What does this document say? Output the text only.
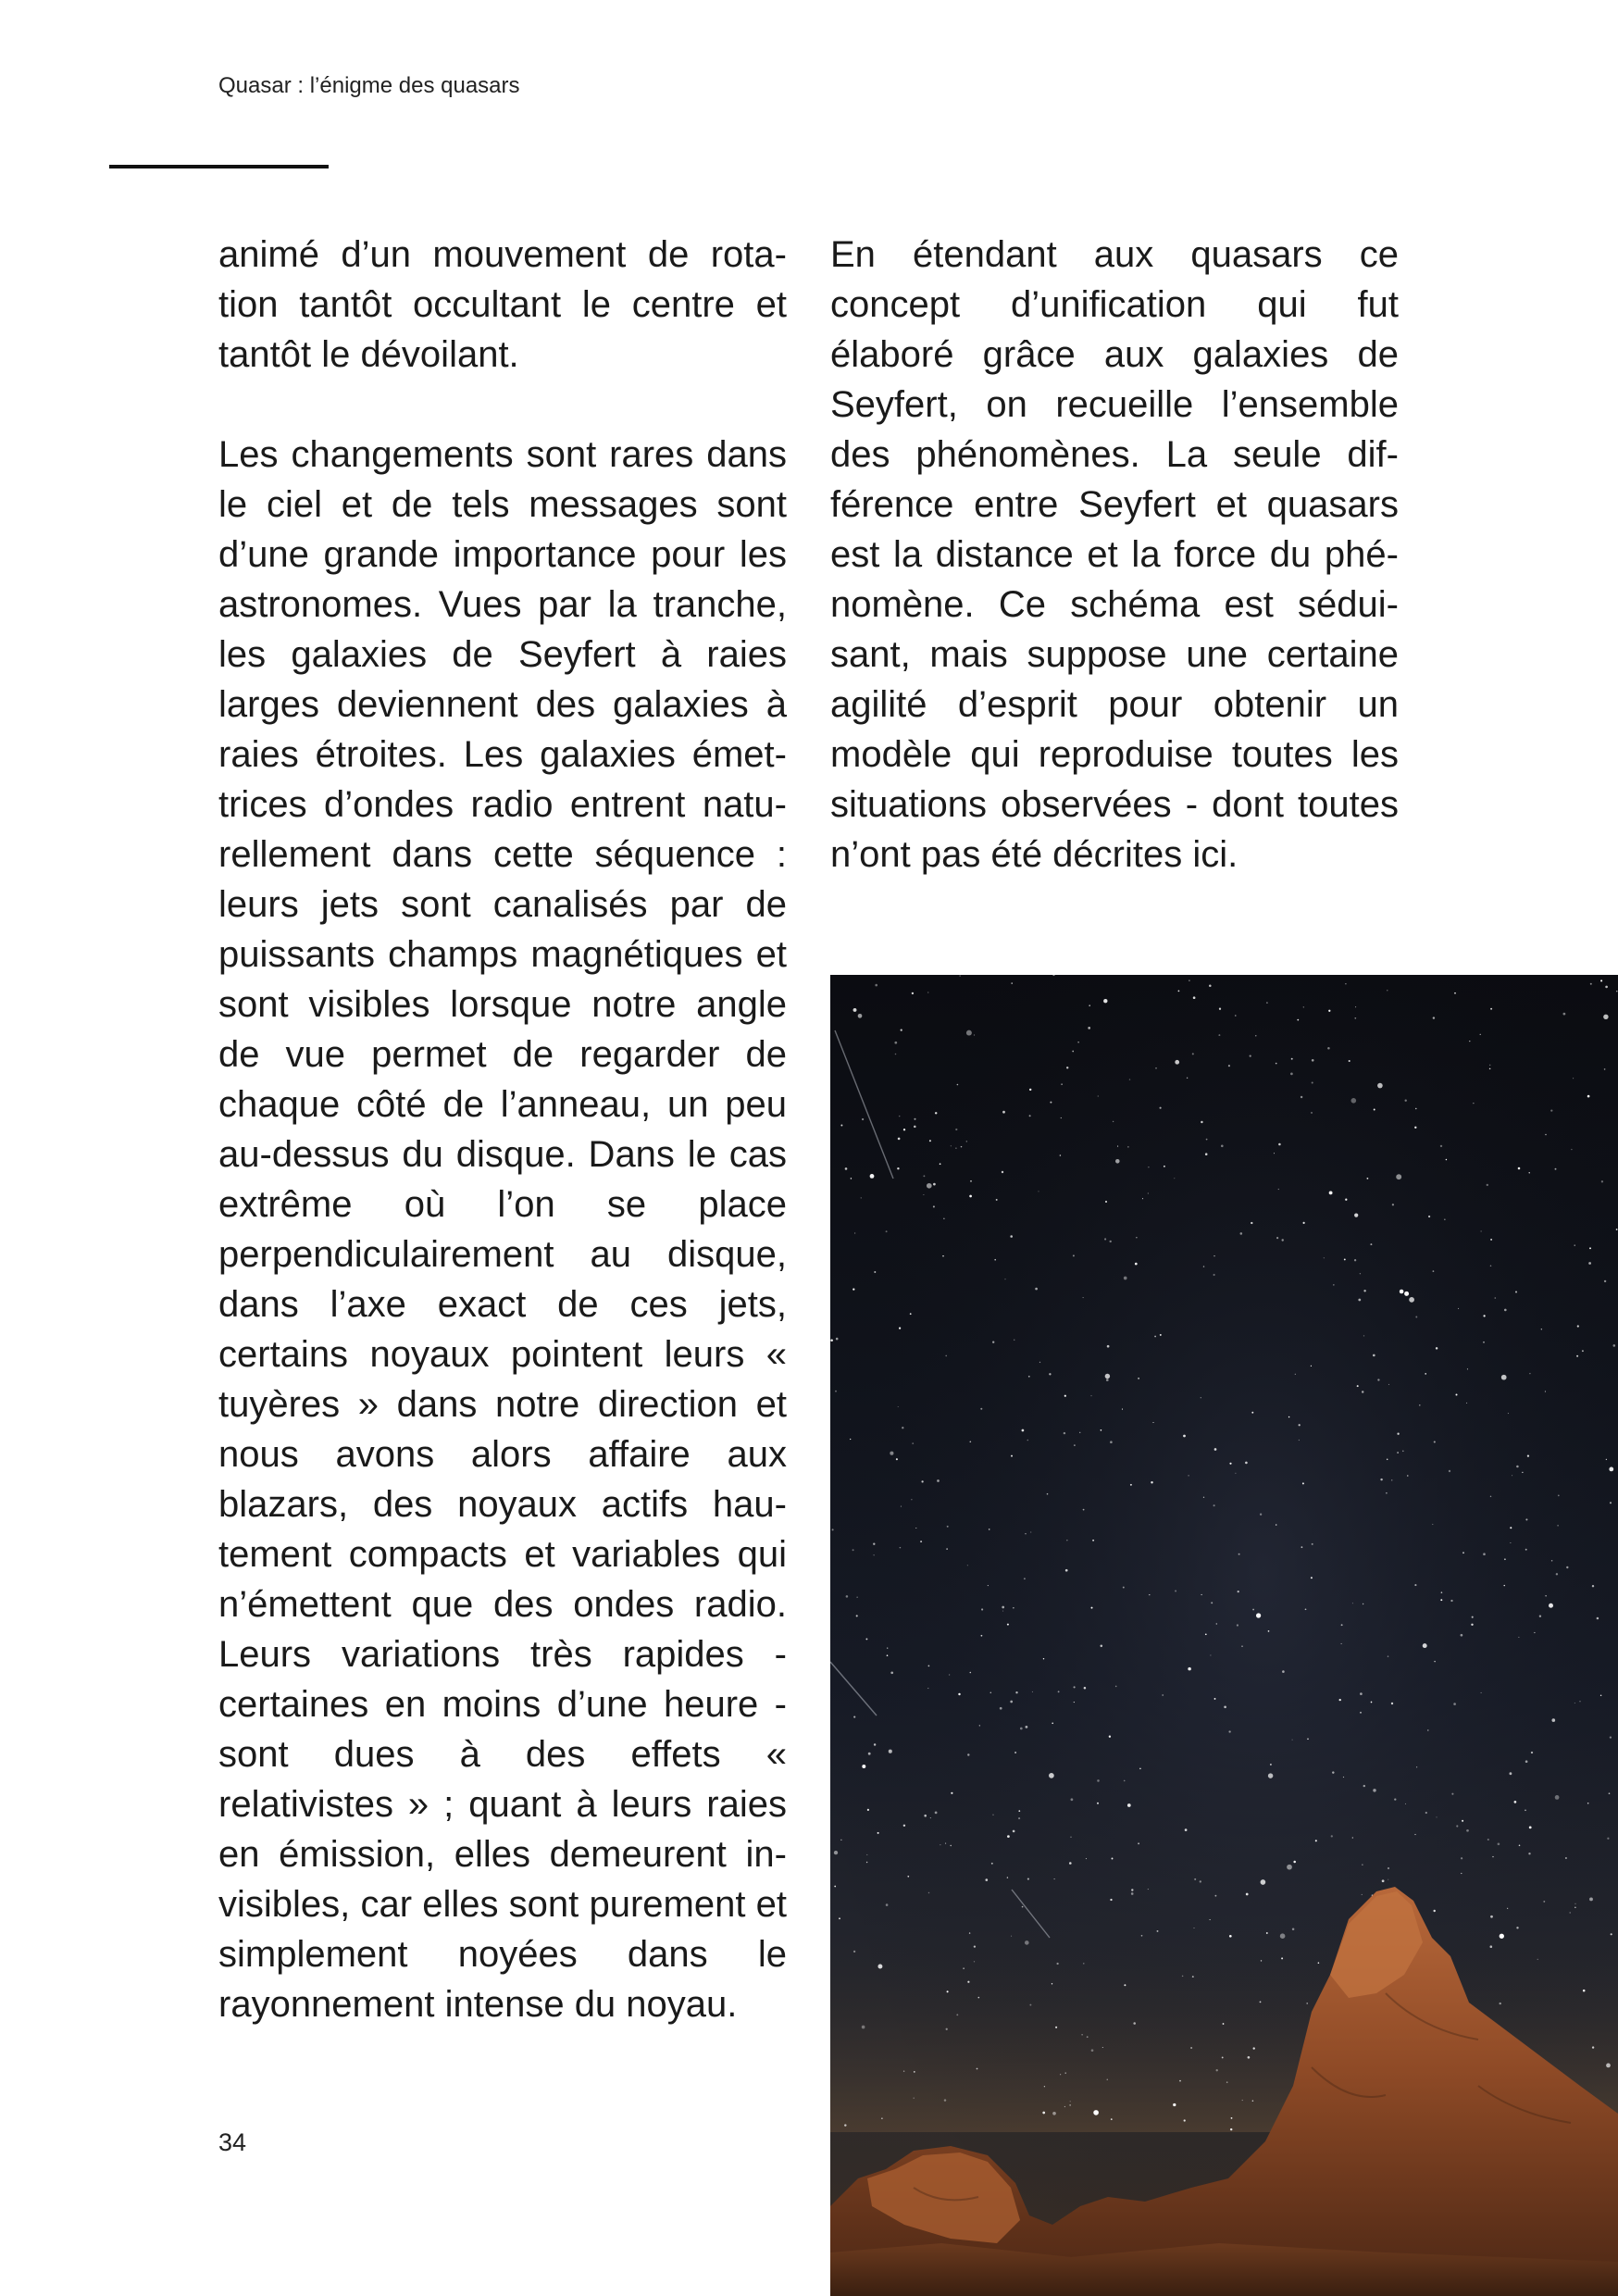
Quasar : l’énigme des quasars

animé d’un mouvement de rotation tantôt occultant le centre et tantôt le dévoilant.

Les changements sont rares dans le ciel et de tels messages sont d’une grande importance pour les astronomes. Vues par la tranche, les galaxies de Seyfert à raies larges deviennent des galaxies à raies étroites. Les galaxies émettrices d’ondes radio entrent naturellement dans cette séquence : leurs jets sont canalisés par de puissants champs magnétiques et sont visibles lorsque notre angle de vue permet de regarder de chaque côté de l’anneau, un peu au-dessus du disque. Dans le cas extrême où l’on se place perpendiculairement au disque, dans l’axe exact de ces jets, certains noyaux pointent leurs « tuyères » dans notre direction et nous avons alors affaire aux blazars, des noyaux actifs hautement compacts et variables qui n’émettent que des ondes radio. Leurs variations très rapides - certaines en moins d’une heure - sont dues à des effets « relativistes » ; quant à leurs raies en émission, elles demeurent invisibles, car elles sont purement et simplement noyées dans le rayonnement intense du noyau.

En étendant aux quasars ce concept d’unification qui fut élaboré grâce aux galaxies de Seyfert, on recueille l’ensemble des phénomènes. La seule différence entre Seyfert et quasars est la distance et la force du phénomène. Ce schéma est séduisant, mais suppose une certaine agilité d’esprit pour obtenir un modèle qui reproduise toutes les situations observées - dont toutes n’ont pas été décrites ici.

34
